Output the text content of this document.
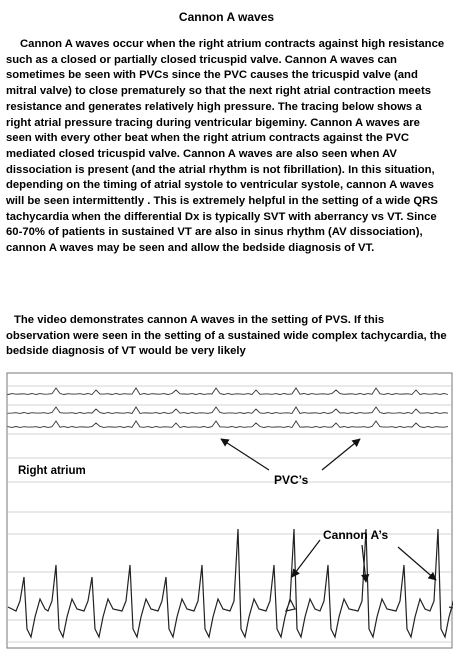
Cannon A waves

Cannon A waves occur when the right atrium contracts against high resistance such as a closed or partially closed tricuspid valve. Cannon A waves can sometimes be seen with PVCs since the PVC causes the tricuspid valve (and mitral valve) to close prematurely so that the next right atrial contraction meets resistance and generates relatively high pressure. The tracing below shows a right atrial pressure tracing during ventricular bigeminy. Cannon A waves are seen with every other beat when the right atrium contracts against the PVC mediated closed tricuspid valve. Cannon A waves are also seen when AV dissociation is present (and the atrial rhythm is not fibrillation). In this situation, depending on the timing of atrial systole to ventricular systole, cannon A waves will be seen intermittently . This is extremely helpful in the setting of a wide QRS tachycardia when the differential Dx is typically SVT with aberrancy vs VT. Since 60-70% of patients in sustained VT are also in sinus rhythm (AV dissociation), cannon A waves may be seen and allow the bedside diagnosis of VT.

The video demonstrates cannon A waves in the setting of PVS. If this observation were seen in the setting of a sustained wide complex tachycardia, the bedside diagnosis of VT would be very likely

Right atrium
PVC’s
Cannon A’s
